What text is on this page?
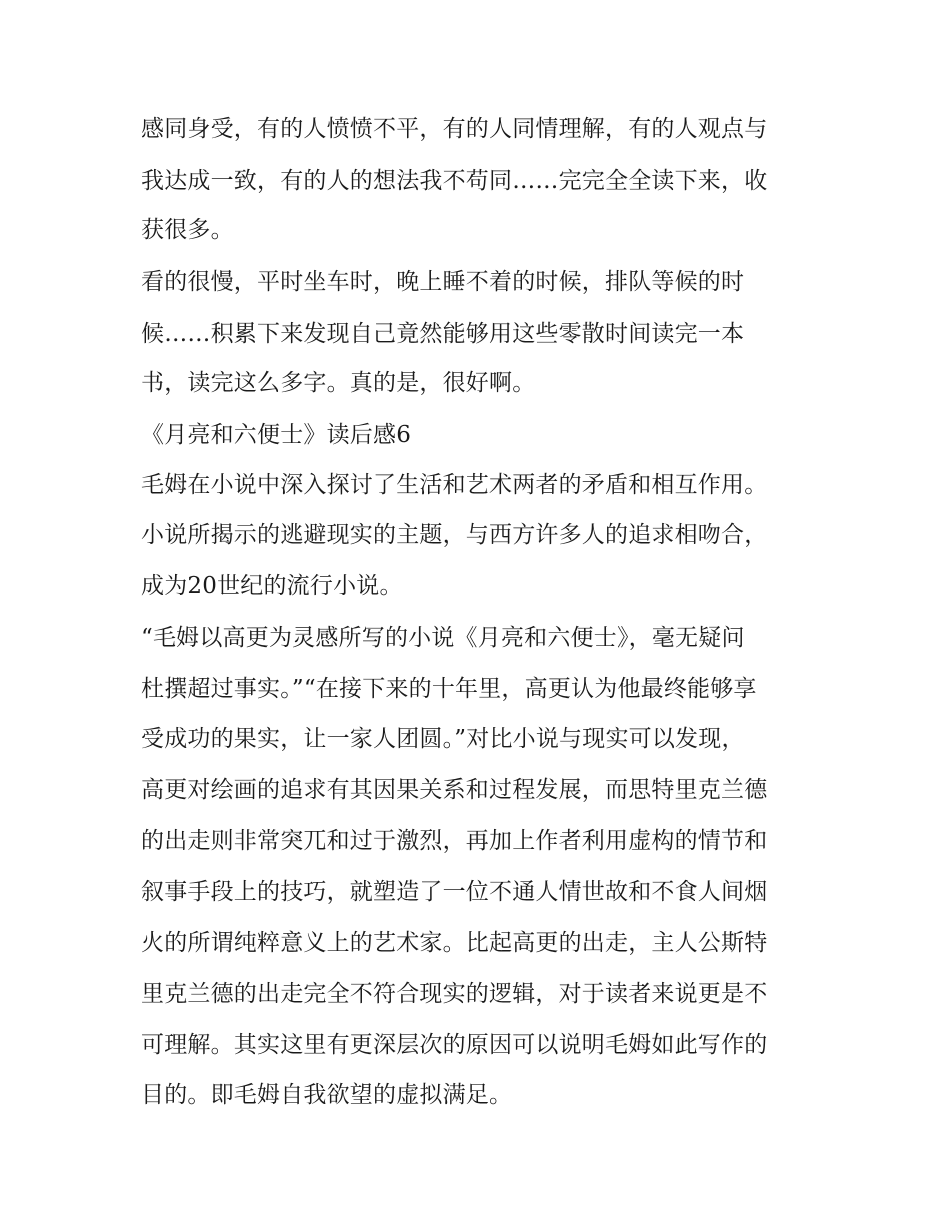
感同身受，有的人愤愤不平，有的人同情理解，有的人观点与
我达成一致，有的人的想法我不苟同……完完全全读下来，收
获很多。
看的很慢，平时坐车时，晚上睡不着的时候，排队等候的时
候……积累下来发现自己竟然能够用这些零散时间读完一本
书，读完这么多字。真的是，很好啊。
《月亮和六便士》读后感6
毛姆在小说中深入探讨了生活和艺术两者的矛盾和相互作用。
小说所揭示的逃避现实的主题，与西方许多人的追求相吻合，
成为20世纪的流行小说。
“毛姆以高更为灵感所写的小说《月亮和六便士》，毫无疑问
杜撰超过事实。”“在接下来的十年里，高更认为他最终能够享
受成功的果实，让一家人团圆。”对比小说与现实可以发现，
高更对绘画的追求有其因果关系和过程发展，而思特里克兰德
的出走则非常突兀和过于激烈，再加上作者利用虚构的情节和
叙事手段上的技巧，就塑造了一位不通人情世故和不食人间烟
火的所谓纯粹意义上的艺术家。比起高更的出走，主人公斯特
里克兰德的出走完全不符合现实的逻辑，对于读者来说更是不
可理解。其实这里有更深层次的原因可以说明毛姆如此写作的
目的。即毛姆自我欲望的虚拟满足。
